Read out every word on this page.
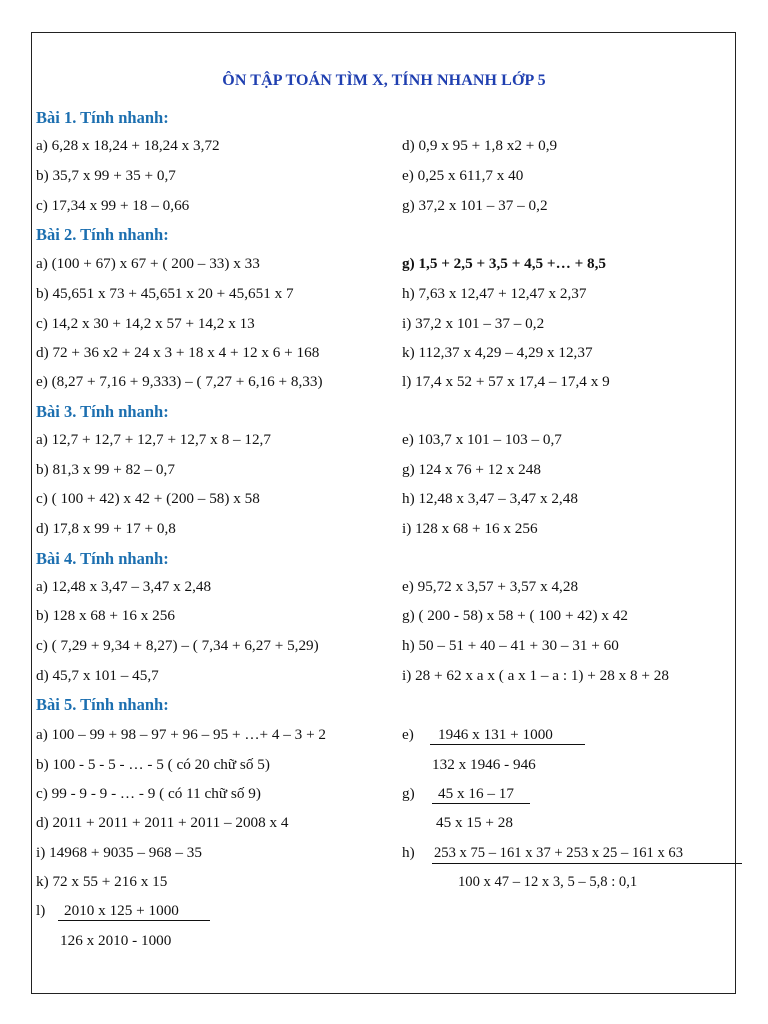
ÔN TẬP TOÁN TÌM X, TÍNH NHANH LỚP 5
Bài 1. Tính nhanh:
a) 6,28 x 18,24 + 18,24 x 3,72
b) 35,7 x 99 + 35 + 0,7
c) 17,34 x 99 + 18 – 0,66
d) 0,9 x 95 + 1,8 x2 + 0,9
e) 0,25 x 611,7 x 40
g) 37,2 x 101 – 37 – 0,2
Bài 2. Tính nhanh:
a) (100 + 67) x 67 + ( 200 – 33) x 33
b) 45,651 x 73 + 45,651 x 20 + 45,651 x 7
c) 14,2 x 30 + 14,2 x 57 + 14,2 x 13
d) 72 + 36 x2 + 24 x 3 + 18 x 4 + 12 x 6 + 168
e) (8,27 + 7,16 + 9,333) – ( 7,27 + 6,16 + 8,33)
g) 1,5 + 2,5 + 3,5 + 4,5 +… + 8,5
h) 7,63 x 12,47 + 12,47 x 2,37
i) 37,2 x 101 – 37 – 0,2
k) 112,37 x 4,29 – 4,29 x 12,37
l) 17,4 x 52 + 57 x 17,4 – 17,4 x 9
Bài 3. Tính nhanh:
a) 12,7 + 12,7 + 12,7 + 12,7 x 8 – 12,7
b) 81,3 x 99 + 82 – 0,7
c) ( 100 + 42) x 42 + (200 – 58) x 58
d) 17,8 x 99 + 17 + 0,8
e) 103,7 x 101 – 103 – 0,7
g) 124 x 76 + 12 x 248
h) 12,48 x 3,47 – 3,47 x 2,48
i) 128 x 68 + 16 x 256
Bài 4. Tính nhanh:
a) 12,48 x 3,47 – 3,47 x 2,48
b) 128 x 68 + 16 x 256
c) ( 7,29 + 9,34 + 8,27) – ( 7,34 + 6,27 + 5,29)
d) 45,7 x 101 – 45,7
e) 95,72 x 3,57 + 3,57 x 4,28
g) ( 200 - 58) x 58 + ( 100 + 42) x 42
h) 50 – 51 + 40 – 41 + 30 – 31 + 60
i) 28 + 62 x a x ( a x 1 – a : 1) + 28 x 8 + 28
Bài 5. Tính nhanh:
a) 100 – 99 + 98 – 97 + 96 – 95 + …+ 4 – 3 + 2
b) 100 - 5 - 5 - … - 5 ( có 20 chữ số 5)
c) 99 - 9 - 9 - … - 9 ( có 11 chữ số 9)
d) 2011 + 2011 + 2011 + 2011 – 2008 x 4
i) 14968 + 9035 – 968 – 35
k) 72 x 55 + 216 x 15
l) 2010 x 125 + 1000
126 x 2010 - 1000
e) 1946 x 131 + 1000
132 x 1946 - 946
g) 45 x 16 – 17
45 x 15 + 28
h) 253 x 75 – 161 x 37 + 253 x 25 – 161 x 63
100 x 47 – 12 x 3, 5 – 5,8 : 0,1
